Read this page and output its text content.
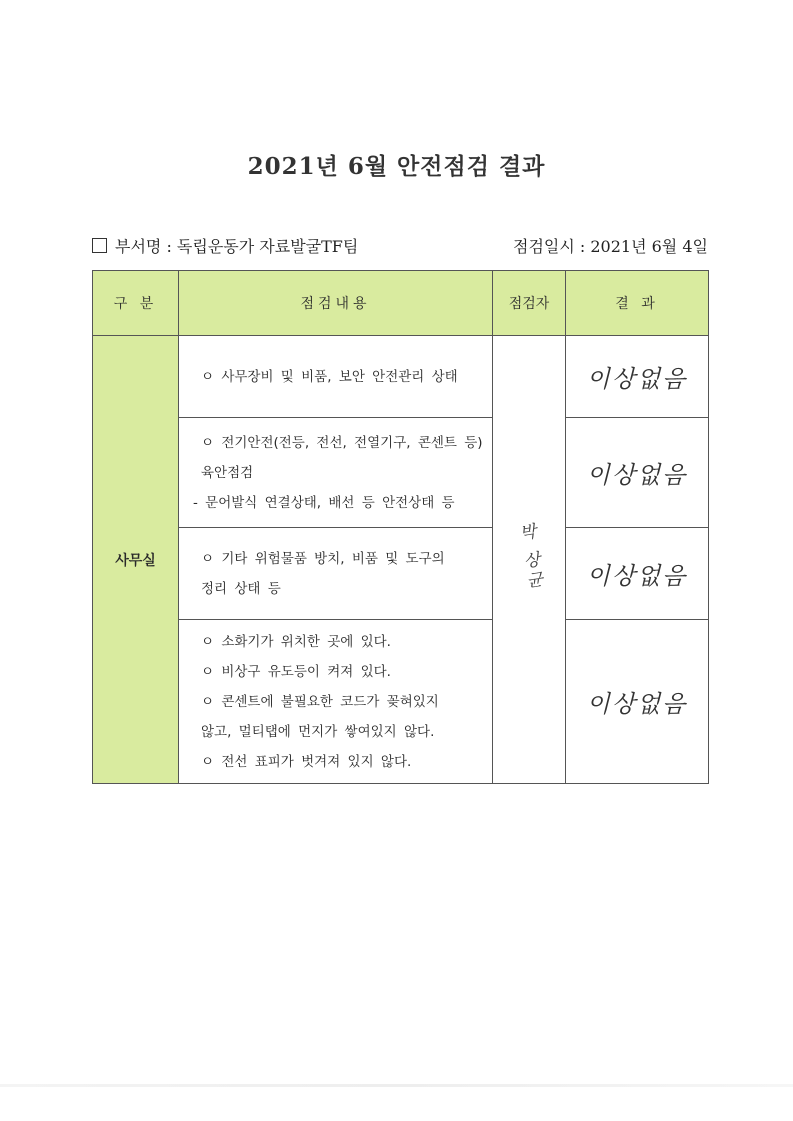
2021년 6월 안전점검 결과
부서명 : 독립운동가 자료발굴TF팀	점검일시 : 2021년 6월 4일
구 분	점검내용	점검자	결 과
사무실	ㅇ 사무장비 및 비품, 보안 안전관리 상태	박 상균	이상없음

	ㅇ 전기안전(전등, 전선, 전열기구, 콘센트 등)
육안점검
- 문어발식 연결상태, 배선 등 안전상태 등		이상없음

	ㅇ 기타 위험물품 방치, 비품 및 도구의
정리 상태 등		이상없음

	ㅇ 소화기가 위치한 곳에 있다.
ㅇ 비상구 유도등이 켜져 있다.
ㅇ 콘센트에 불필요한 코드가 꽂혀있지
않고, 멀티탭에 먼지가 쌓여있지 않다.
ㅇ 전선 표피가 벗겨져 있지 않다.		이상없음
